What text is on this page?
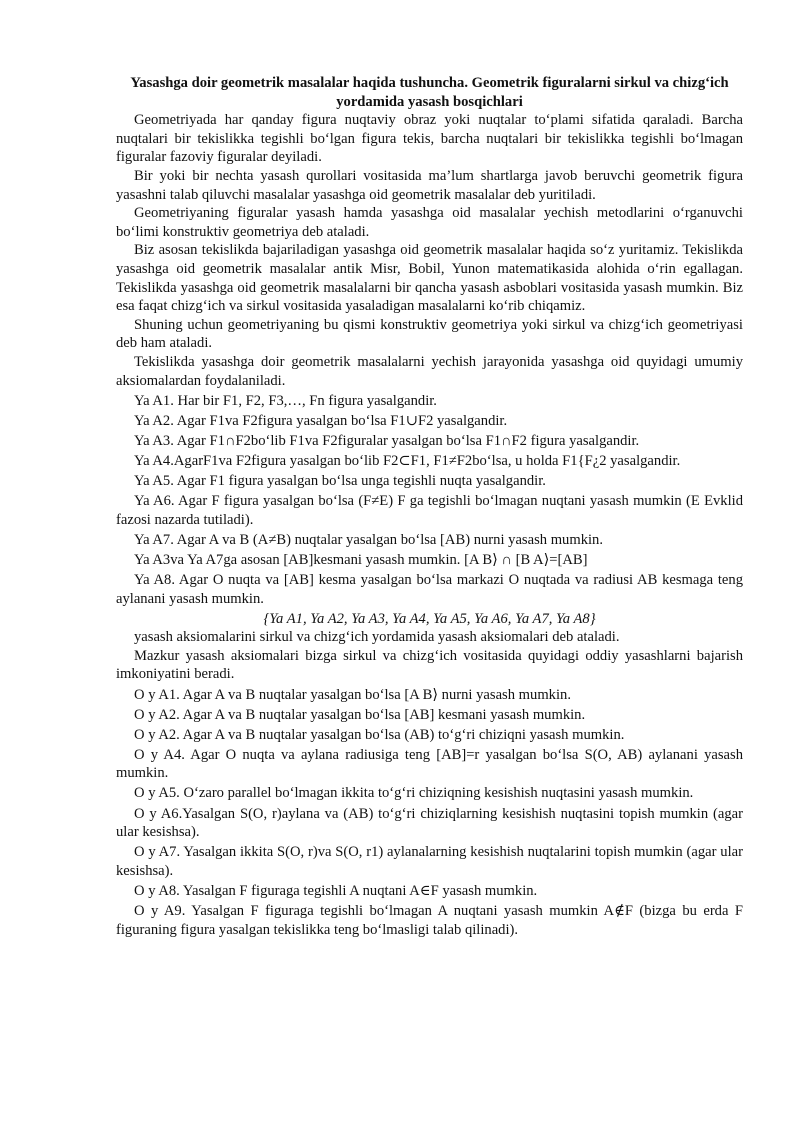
Yasashga doir geometrik masalalar haqida tushuncha. Geometrik figuralarni sirkul va chizg‘ich yordamida yasash bosqichlari

Geometriyada har qanday figura nuqtaviy obraz yoki nuqtalar to‘plami sifatida qaraladi. Barcha nuqtalari bir tekislikka tegishli bo‘lgan figura tekis, barcha nuqtalari bir tekislikka tegishli bo‘lmagan figuralar fazoviy figuralar deyiladi.

Bir yoki bir nechta yasash qurollari vositasida ma’lum shartlarga javob beruvchi geometrik figura yasashni talab qiluvchi masalalar yasashga oid geometrik masalalar deb yuritiladi.

Geometriyaning figuralar yasash hamda yasashga oid masalalar yechish metodlarini o‘rganuvchi bo‘limi konstruktiv geometriya deb ataladi.

Biz asosan tekislikda bajariladigan yasashga oid geometrik masalalar haqida so‘z yuritamiz. Tekislikda yasashga oid geometrik masalalar antik Misr, Bobil, Yunon matematikasida alohida o‘rin egallagan. Tekislikda yasashga oid geometrik masalalarni bir qancha yasash asboblari vositasida yasash mumkin. Biz esa faqat chizg‘ich va sirkul vositasida yasaladigan masalalarni ko‘rib chiqamiz.

Shuning uchun geometriyaning bu qismi konstruktiv geometriya yoki sirkul va chizg‘ich geometriyasi deb ham ataladi.

Tekislikda yasashga doir geometrik masalalarni yechish jarayonida yasashga oid quyidagi umumiy aksiomalardan foydalaniladi.

Ya A1. Har bir F1, F2, F3,…, Fn figura yasalgandir.

Ya A2. Agar F1va F2figura yasalgan bo‘lsa F1∪F2 yasalgandir.

Ya A3. Agar F1∩F2bo‘lib F1va F2figuralar yasalgan bo‘lsa F1∩F2 figura yasalgandir.

Ya A4.AgarF1va F2figura yasalgan bo‘lib F2⊂F1, F1≠F2bo‘lsa, u holda F1{F¿2 yasalgandir.

Ya A5. Agar F1 figura yasalgan bo‘lsa unga tegishli nuqta yasalgandir.

Ya A6. Agar F figura yasalgan bo‘lsa (F≠E) F ga tegishli bo‘lmagan nuqtani yasash mumkin (E Evklid fazosi nazarda tutiladi).

Ya A7. Agar A va B (A≠B) nuqtalar yasalgan bo‘lsa [AB) nurni yasash mumkin.

Ya A3va Ya A7ga asosan [AB]kesmani yasash mumkin. [A B⟩ ∩ [B A⟩=[AB]

Ya A8. Agar O nuqta va [AB] kesma yasalgan bo‘lsa markazi O nuqtada va radiusi AB kesmaga teng aylanani yasash mumkin.

{Ya A1, Ya A2, Ya A3, Ya A4, Ya A5, Ya A6, Ya A7, Ya A8}

yasash aksiomalarini sirkul va chizg‘ich yordamida yasash aksiomalari deb ataladi.

Mazkur yasash aksiomalari bizga sirkul va chizg‘ich vositasida quyidagi oddiy yasashlarni bajarish imkoniyatini beradi.

O y A1. Agar A va B nuqtalar yasalgan bo‘lsa [A B⟩ nurni yasash mumkin.

O y A2. Agar A va B nuqtalar yasalgan bo‘lsa [AB] kesmani yasash mumkin.

O y A2. Agar A va B nuqtalar yasalgan bo‘lsa (AB) to‘g‘ri chiziqni yasash mumkin.

O y A4. Agar O nuqta va aylana radiusiga teng [AB]=r yasalgan bo‘lsa S(O, AB) aylanani yasash mumkin.

O y A5. O‘zaro parallel bo‘lmagan ikkita to‘g‘ri chiziqning kesishish nuqtasini yasash mumkin.

O y A6.Yasalgan S(O, r)aylana va (AB) to‘g‘ri chiziqlarning kesishish nuqtasini topish mumkin (agar ular kesishsa).

O y A7. Yasalgan ikkita S(O, r)va S(O, r1) aylanalarning kesishish nuqtalarini topish mumkin (agar ular kesishsa).

O y A8. Yasalgan F figuraga tegishli A nuqtani A∈F yasash mumkin.

O y A9. Yasalgan F figuraga tegishli bo‘lmagan A nuqtani yasash mumkin A∉F (bizga bu erda F figuraning figura yasalgan tekislikka teng bo‘lmasligi talab qilinadi).
